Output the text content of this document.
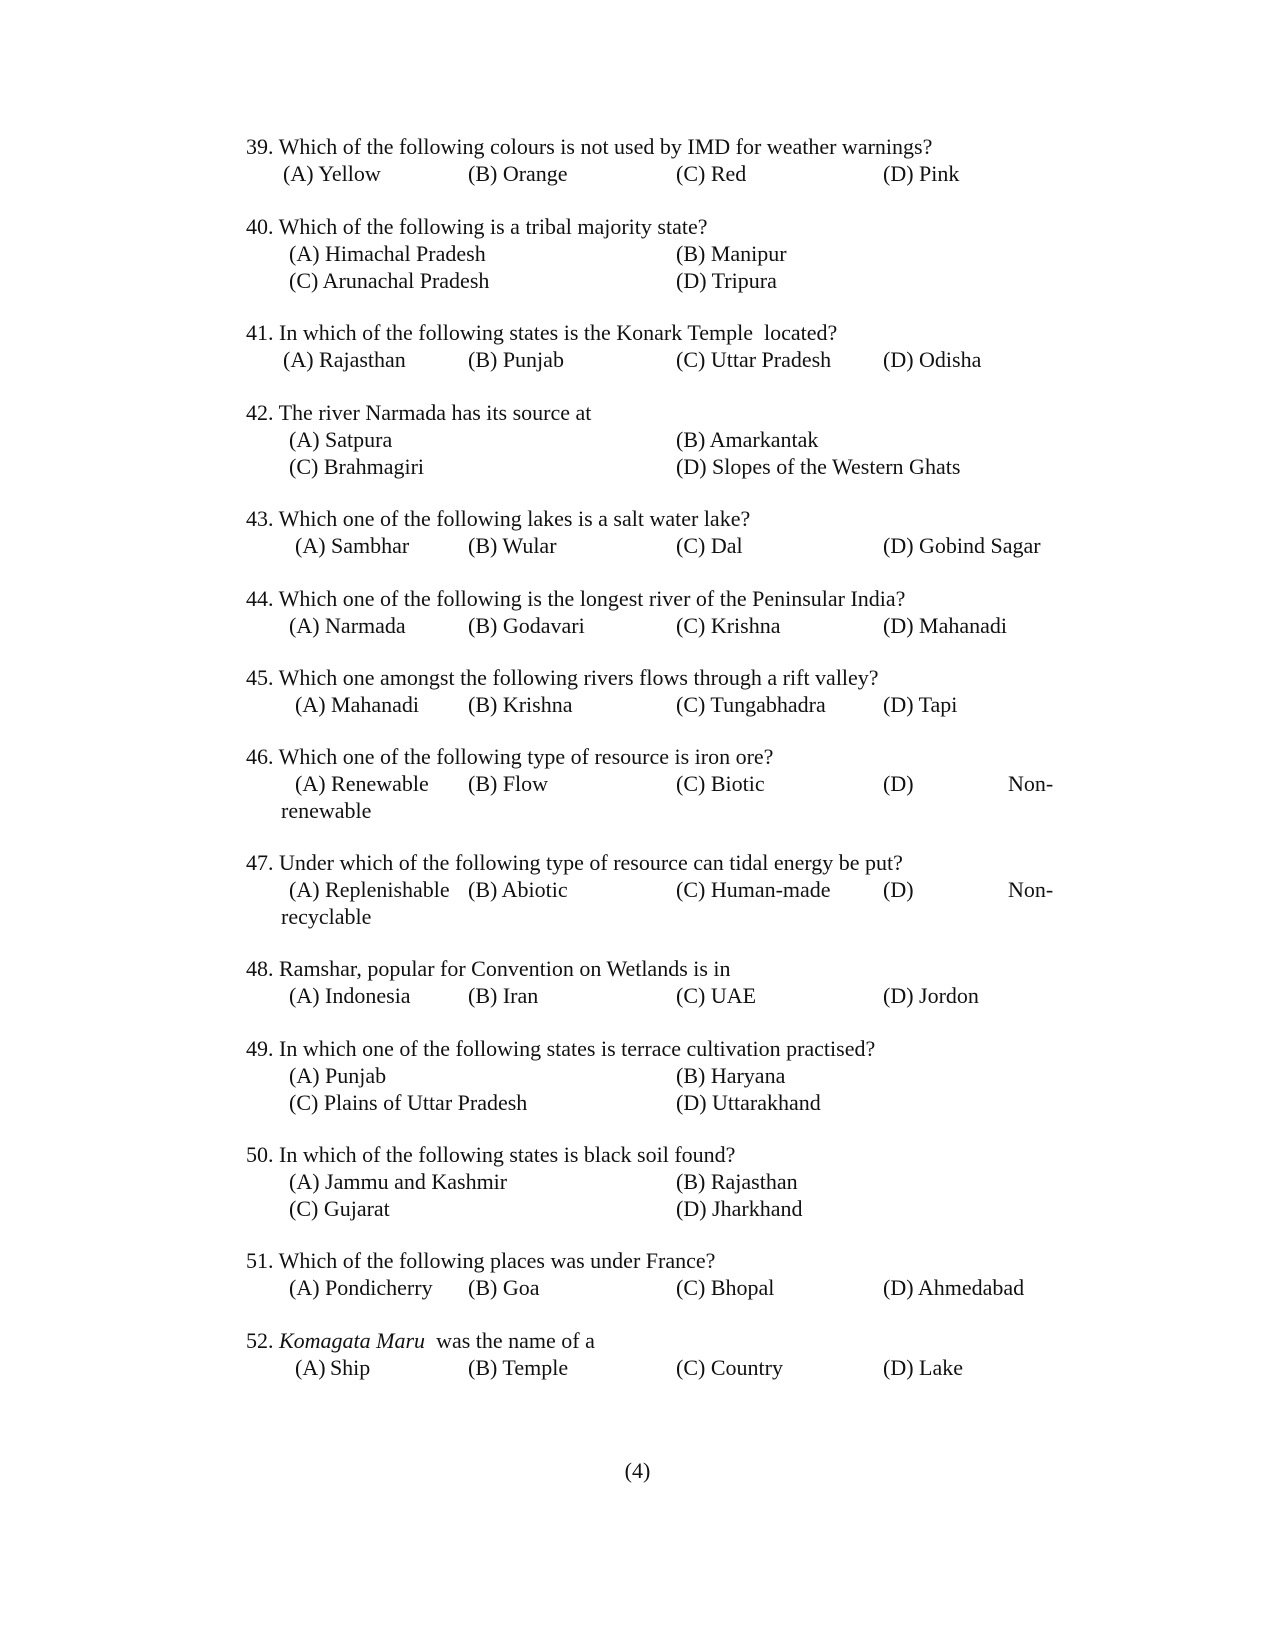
39. Which of the following colours is not used by IMD for weather warnings?
(A) Yellow	(B) Orange	(C) Red	(D) Pink
40. Which of the following is a tribal majority state?
(A) Himachal Pradesh	(B) Manipur
(C) Arunachal Pradesh	(D) Tripura
41. In which of the following states is the Konark Temple  located?
(A) Rajasthan	(B) Punjab	(C) Uttar Pradesh (D) Odisha
42. The river Narmada has its source at
(A) Satpura	(B) Amarkantak
(C) Brahmagiri	(D) Slopes of the Western Ghats
43. Which one of the following lakes is a salt water lake?
(A) Sambhar	(B) Wular	(C) Dal	(D) Gobind Sagar
44. Which one of the following is the longest river of the Peninsular India?
(A) Narmada	(B) Godavari	(C) Krishna	(D) Mahanadi
45. Which one amongst the following rivers flows through a rift valley?
(A) Mahanadi (B) Krishna	(C) Tungabhadra	(D) Tapi
46. Which one of the following type of resource is iron ore?
(A) Renewable (B) Flow	(C) Biotic	(D)	Non-
renewable
47. Under which of the following type of resource can tidal energy be put?
(A) Replenishable (B) Abiotic	(C) Human-made (D)	Non-
recyclable
48. Ramshar, popular for Convention on Wetlands is in
(A) Indonesia	(B) Iran	(C) UAE	(D) Jordon
49. In which one of the following states is terrace cultivation practised?
(A) Punjab	(B) Haryana
(C) Plains of Uttar Pradesh	(D) Uttarakhand
50. In which of the following states is black soil found?
(A) Jammu and Kashmir	(B) Rajasthan
(C) Gujarat	(D) Jharkhand
51. Which of the following places was under France?
(A) Pondicherry (B) Goa	(C) Bhopal	(D) Ahmedabad
52. Komagata Maru  was the name of a
(A) Ship	(B) Temple	(C) Country	(D) Lake
(4)
